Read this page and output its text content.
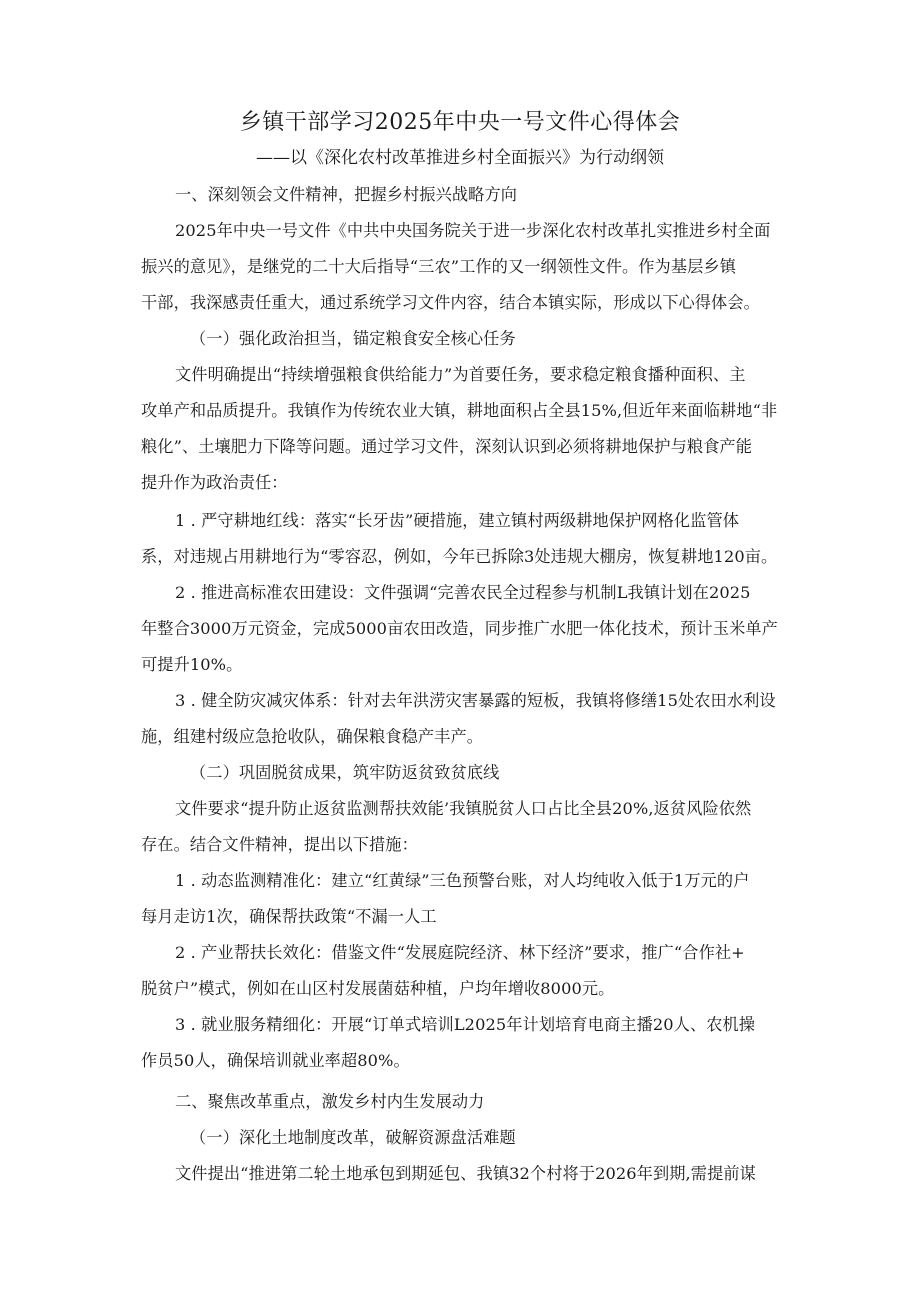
乡镇干部学习2025年中央一号文件心得体会
——以《深化农村改革推进乡村全面振兴》为行动纲领
一、深刻领会文件精神，把握乡村振兴战略方向
2025年中央一号文件《中共中央国务院关于进一步深化农村改革扎实推进乡村全面
振兴的意见》，是继党的二十大后指导“三农”工作的又一纲领性文件。作为基层乡镇
干部，我深感责任重大，通过系统学习文件内容，结合本镇实际，形成以下心得体会。
（一）强化政治担当，锚定粮食安全核心任务
文件明确提出“持续增强粮食供给能力”为首要任务，要求稳定粮食播种面积、主
攻单产和品质提升。我镇作为传统农业大镇，耕地面积占全县15%,但近年来面临耕地“非
粮化”、土壤肥力下降等问题。通过学习文件，深刻认识到必须将耕地保护与粮食产能
提升作为政治责任：
1 . 严守耕地红线：落实“长牙齿”硬措施，建立镇村两级耕地保护网格化监管体
系，对违规占用耕地行为“零容忍，例如，今年已拆除3处违规大棚房，恢复耕地120亩。
2 . 推进高标准农田建设：文件强调“完善农民全过程参与机制L我镇计划在2025
年整合3000万元资金，完成5000亩农田改造，同步推广水肥一体化技术，预计玉米单产
可提升10%。
3 . 健全防灾减灾体系：针对去年洪涝灾害暴露的短板，我镇将修缮15处农田水利设
施，组建村级应急抢收队，确保粮食稳产丰产。
（二）巩固脱贫成果，筑牢防返贫致贫底线
文件要求“提升防止返贫监测帮扶效能’我镇脱贫人口占比全县20%,返贫风险依然
存在。结合文件精神，提出以下措施：
1 . 动态监测精准化：建立“红黄绿”三色预警台账，对人均纯收入低于1万元的户
每月走访1次，确保帮扶政策“不漏一人工
2 . 产业帮扶长效化：借鉴文件“发展庭院经济、林下经济”要求，推广“合作社+
脱贫户”模式，例如在山区村发展菌菇种植，户均年增收8000元。
3 . 就业服务精细化：开展“订单式培训L2025年计划培育电商主播20人、农机操
作员50人，确保培训就业率超80%。
二、聚焦改革重点，激发乡村内生发展动力
（一）深化土地制度改革，破解资源盘活难题
文件提出“推进第二轮土地承包到期延包、我镇32个村将于2026年到期,需提前谋
